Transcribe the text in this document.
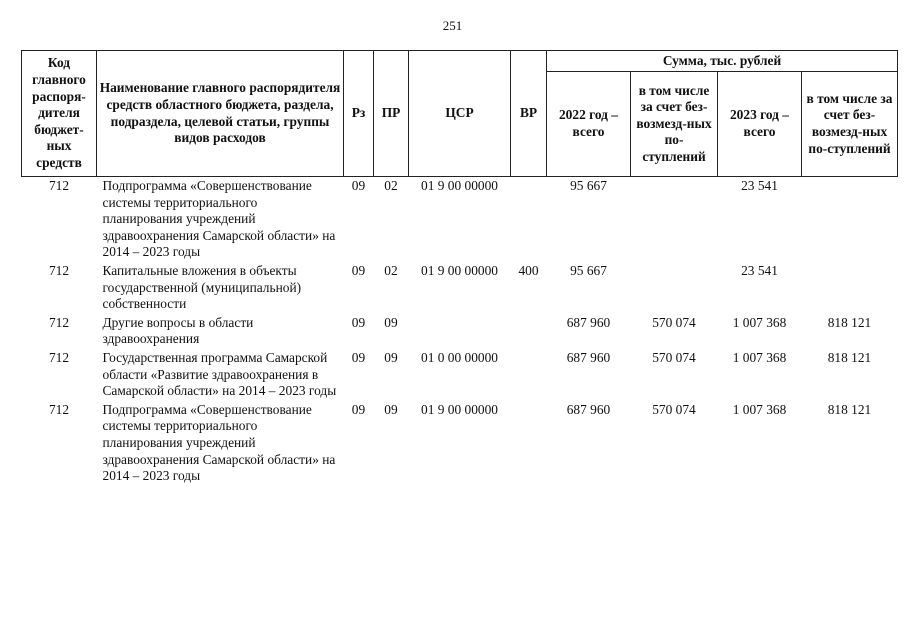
251
Код главного распоря-дителя бюджет-ных средств	Наименование главного распорядителя средств областного бюджета, раздела, подраздела, целевой статьи, группы видов расходов	Рз	ПР	ЦСР	ВР	Сумма, тыс. рублей			
						2022 год – всего	в том числе за счет без-возмезд-ных по-ступлений	2023 год – всего	в том числе за счет без-возмезд-ных по-ступлений
712	Подпрограмма «Совершенствование системы территориального планирования учреждений здравоохранения Самарской области» на 2014 – 2023 годы	09	02	01 9 00 00000		95 667		23 541	
712	Капитальные вложения в объекты государственной (муниципальной) собственности	09	02	01 9 00 00000	400	95 667		23 541	
712	Другие вопросы в области здравоохранения	09	09			687 960	570 074	1 007 368	818 121
712	Государственная программа Самарской области «Развитие здравоохранения в Самарской области» на 2014 – 2023 годы	09	09	01 0 00 00000		687 960	570 074	1 007 368	818 121
712	Подпрограмма «Совершенствование системы территориального планирования учреждений здравоохранения Самарской области» на 2014 – 2023 годы	09	09	01 9 00 00000		687 960	570 074	1 007 368	818 121
